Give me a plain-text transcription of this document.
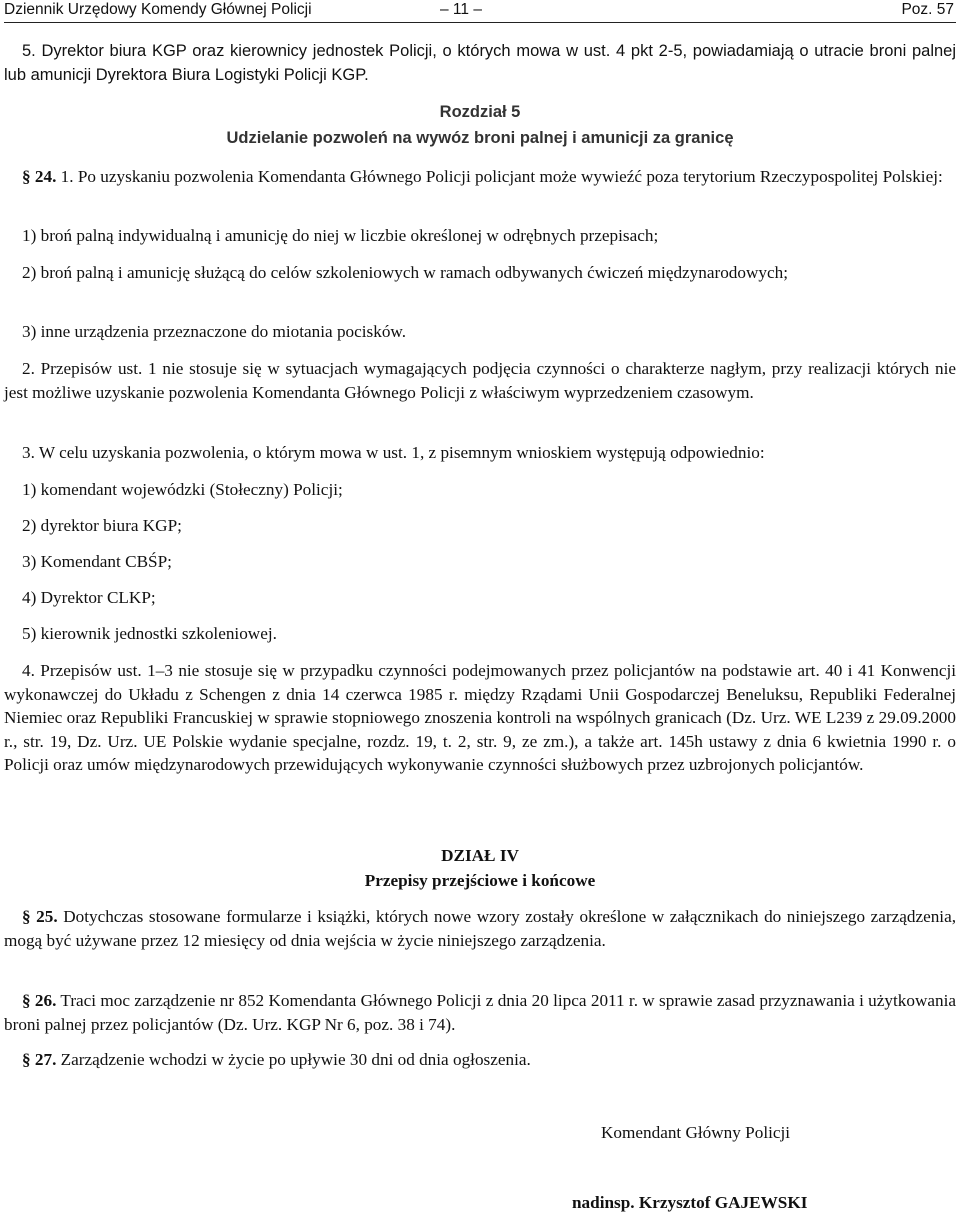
Dziennik Urzędowy Komendy Głównej Policji	– 11 –	Poz. 57

5. Dyrektor biura KGP oraz kierownicy jednostek Policji, o których mowa w ust. 4 pkt 2-5, powiadamiają o utracie broni palnej lub amunicji Dyrektora Biura Logistyki Policji KGP.

Rozdział 5

Udzielanie pozwoleń na wywóz broni palnej i amunicji za granicę

§ 24. 1. Po uzyskaniu pozwolenia Komendanta Głównego Policji policjant może wywieźć poza terytorium Rzeczypospolitej Polskiej:

1) broń palną indywidualną i amunicję do niej w liczbie określonej w odrębnych przepisach;

2) broń palną i amunicję służącą do celów szkoleniowych w ramach odbywanych ćwiczeń międzynarodowych;

3) inne urządzenia przeznaczone do miotania pocisków.

2. Przepisów ust. 1 nie stosuje się w sytuacjach wymagających podjęcia czynności o charakterze nagłym, przy realizacji których nie jest możliwe uzyskanie pozwolenia Komendanta Głównego Policji z właściwym wyprzedzeniem czasowym.

3. W celu uzyskania pozwolenia, o którym mowa w ust. 1, z pisemnym wnioskiem występują odpowiednio:

1) komendant wojewódzki (Stołeczny) Policji;

2) dyrektor biura KGP;

3) Komendant CBŚP;

4) Dyrektor CLKP;

5) kierownik jednostki szkoleniowej.

4. Przepisów ust. 1–3 nie stosuje się w przypadku czynności podejmowanych przez policjantów na podstawie art. 40 i 41 Konwencji wykonawczej do Układu z Schengen z dnia 14 czerwca 1985 r. między Rządami Unii Gospodarczej Beneluksu, Republiki Federalnej Niemiec oraz Republiki Francuskiej w sprawie stopniowego znoszenia kontroli na wspólnych granicach (Dz. Urz. WE L239 z 29.09.2000 r., str. 19, Dz. Urz. UE Polskie wydanie specjalne, rozdz. 19, t. 2, str. 9, ze zm.), a także art. 145h ustawy z dnia 6 kwietnia 1990 r. o Policji oraz umów międzynarodowych przewidujących wykonywanie czynności służbowych przez uzbrojonych policjantów.

DZIAŁ IV

Przepisy przejściowe i końcowe

§ 25. Dotychczas stosowane formularze i książki, których nowe wzory zostały określone w załącznikach do niniejszego zarządzenia, mogą być używane przez 12 miesięcy od dnia wejścia w życie niniejszego zarządzenia.

§ 26. Traci moc zarządzenie nr 852 Komendanta Głównego Policji z dnia 20 lipca 2011 r. w sprawie zasad przyznawania i użytkowania broni palnej przez policjantów (Dz. Urz. KGP Nr 6, poz. 38 i 74).

§ 27. Zarządzenie wchodzi w życie po upływie 30 dni od dnia ogłoszenia.

Komendant Główny Policji
nadinsp. Krzysztof GAJEWSKI
